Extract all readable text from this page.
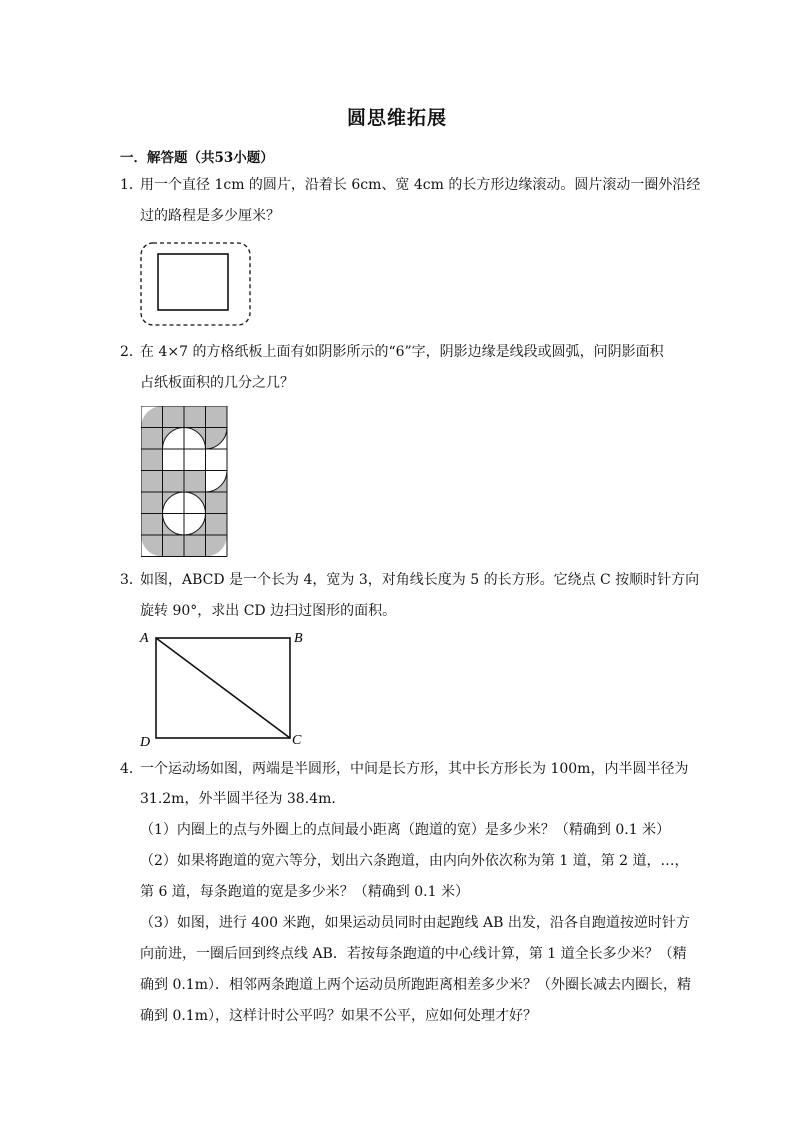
圆思维拓展
一．解答题（共53小题）
1．
用一个直径 1cm 的圆片，沿着长 6cm、宽 4cm 的长方形边缘滚动。圆片滚动一圈外沿经
过的路程是多少厘米？
2．
在 4×7 的方格纸板上面有如阴影所示的“6”字，阴影边缘是线段或圆弧，问阴影面积
占纸板面积的几分之几？
3．
如图，ABCD 是一个长为 4，宽为 3，对角线长度为 5 的长方形。它绕点 C 按顺时针方向
旋转 90°，求出 CD 边扫过图形的面积。
A	B
C
D
4．
一个运动场如图，两端是半圆形，中间是长方形，其中长方形长为 100m，内半圆半径为
31.2m，外半圆半径为 38.4m．
（1）内圈上的点与外圈上的点间最小距离（跑道的宽）是多少米？（精确到 0.1 米）
（2）如果将跑道的宽六等分，划出六条跑道，由内向外依次称为第 1 道，第 2 道，…，
第 6 道，每条跑道的宽是多少米？（精确到 0.1 米）
（3）如图，进行 400 米跑，如果运动员同时由起跑线 AB 出发，沿各自跑道按逆时针方
向前进，一圈后回到终点线 AB．若按每条跑道的中心线计算，第 1 道全长多少米？（精
确到 0.1m）．相邻两条跑道上两个运动员所跑距离相差多少米？（外圈长减去内圈长，精
确到 0.1m），这样计时公平吗？如果不公平，应如何处理才好？
